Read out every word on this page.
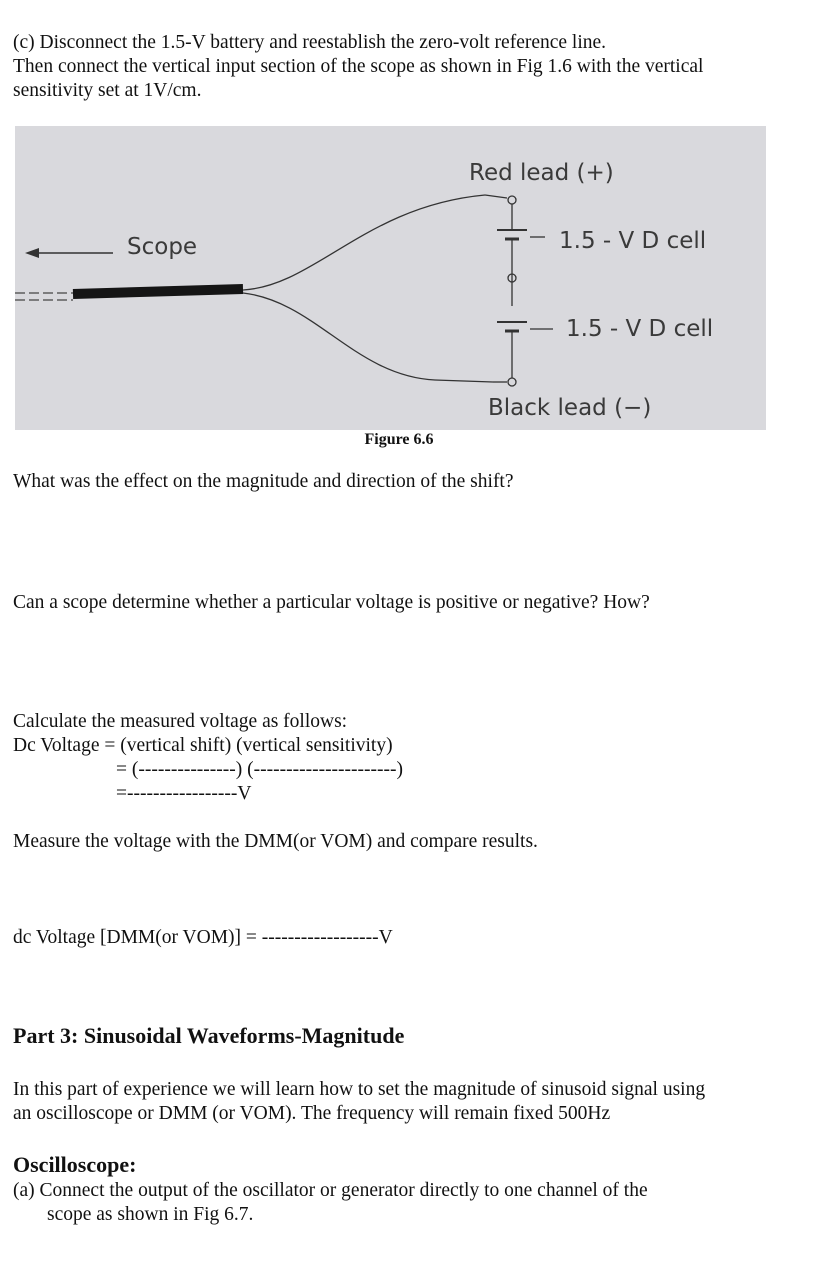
(c) Disconnect the 1.5-V battery and reestablish the zero-volt reference line.
Then connect the vertical input section of the scope as shown in Fig 1.6 with the vertical
sensitivity set at 1V/cm.
Scope
Red lead (+)
1.5 - V D cell
1.5 - V D cell
Black lead (−)
Figure 6.6
What was the effect on the magnitude and direction of the shift?
Can a scope determine whether a particular voltage is positive or negative? How?
Calculate the measured voltage as follows:
Dc Voltage = (vertical shift) (vertical sensitivity)
= (---------------) (----------------------)
=-----------------V
Measure the voltage with the DMM(or VOM) and compare results.
dc Voltage [DMM(or VOM)] = ------------------V
Part 3: Sinusoidal Waveforms-Magnitude
In this part of experience we will learn how to set the magnitude of sinusoid signal using
an oscilloscope or DMM (or VOM). The frequency will remain fixed 500Hz
Oscilloscope:
(a) Connect the output of the oscillator or generator directly to one channel of the
scope as shown in Fig 6.7.
